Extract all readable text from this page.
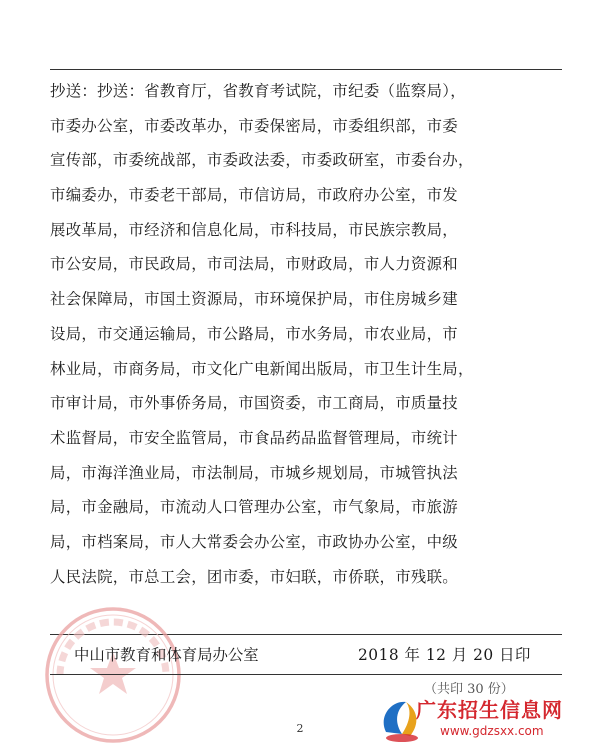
抄送：抄送：省教育厅，省教育考试院，市纪委（监察局），
市委办公室，市委改革办，市委保密局，市委组织部，市委
宣传部，市委统战部，市委政法委，市委政研室，市委台办，
市编委办，市委老干部局，市信访局，市政府办公室，市发
展改革局，市经济和信息化局，市科技局，市民族宗教局，
市公安局，市民政局，市司法局，市财政局，市人力资源和
社会保障局，市国土资源局，市环境保护局，市住房城乡建
设局，市交通运输局，市公路局，市水务局，市农业局，市
林业局，市商务局，市文化广电新闻出版局，市卫生计生局，
市审计局，市外事侨务局，市国资委，市工商局，市质量技
术监督局，市安全监管局，市食品药品监督管理局，市统计
局，市海洋渔业局，市法制局，市城乡规划局，市城管执法
局，市金融局，市流动人口管理办公室，市气象局，市旅游
局，市档案局，市人大常委会办公室，市政协办公室，中级
人民法院，市总工会，团市委，市妇联，市侨联，市残联。
中山市教育和体育局办公室	2018 年 12 月 20 日印
（共印 30 份）
2
广东招生信息网
www.gdzsxx.com
